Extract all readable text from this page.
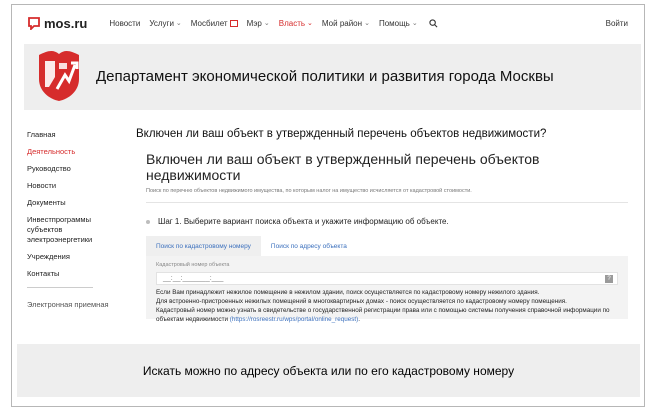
mos.ru	Новости Услуги ⌄ Мосбилет Мэр ⌄ Власть ⌄ Мой район ⌄ Помощь ⌄	Войти
Департамент экономической политики и развития города Москвы
Главная
Деятельность
Руководство
Новости
Документы
Инвестпрограммы субъектов электроэнергетики
Учреждения
Контакты
Электронная приемная
Включен ли ваш объект в утвержденный перечень объектов недвижимости?
Включен ли ваш объект в утвержденный перечень объектов недвижимости
Поиск по перечню объектов недвижимого имущества, по которым налог на имущество исчисляется от кадастровой стоимости.
Шаг 1. Выберите вариант поиска объекта и укажите информацию об объекте.
Поиск по кадастровому номеру	Поиск по адресу объекта
Кадастровый номер объекта
__:__:_______:___	?
Если Вам принадлежит нежилое помещение в нежилом здании, поиск осуществляется по кадастровому номеру нежилого здания.
Для встроенно-пристроенных нежилых помещений в многоквартирных домах - поиск осуществляется по кадастровому номеру помещения.
Кадастровый номер можно узнать в свидетельстве о государственной регистрации права или с помощью системы получения справочной информации по объектам недвижимости (https://rosreestr.ru/wps/portal/online_request).
Искать можно по адресу объекта или по его кадастровому номеру
